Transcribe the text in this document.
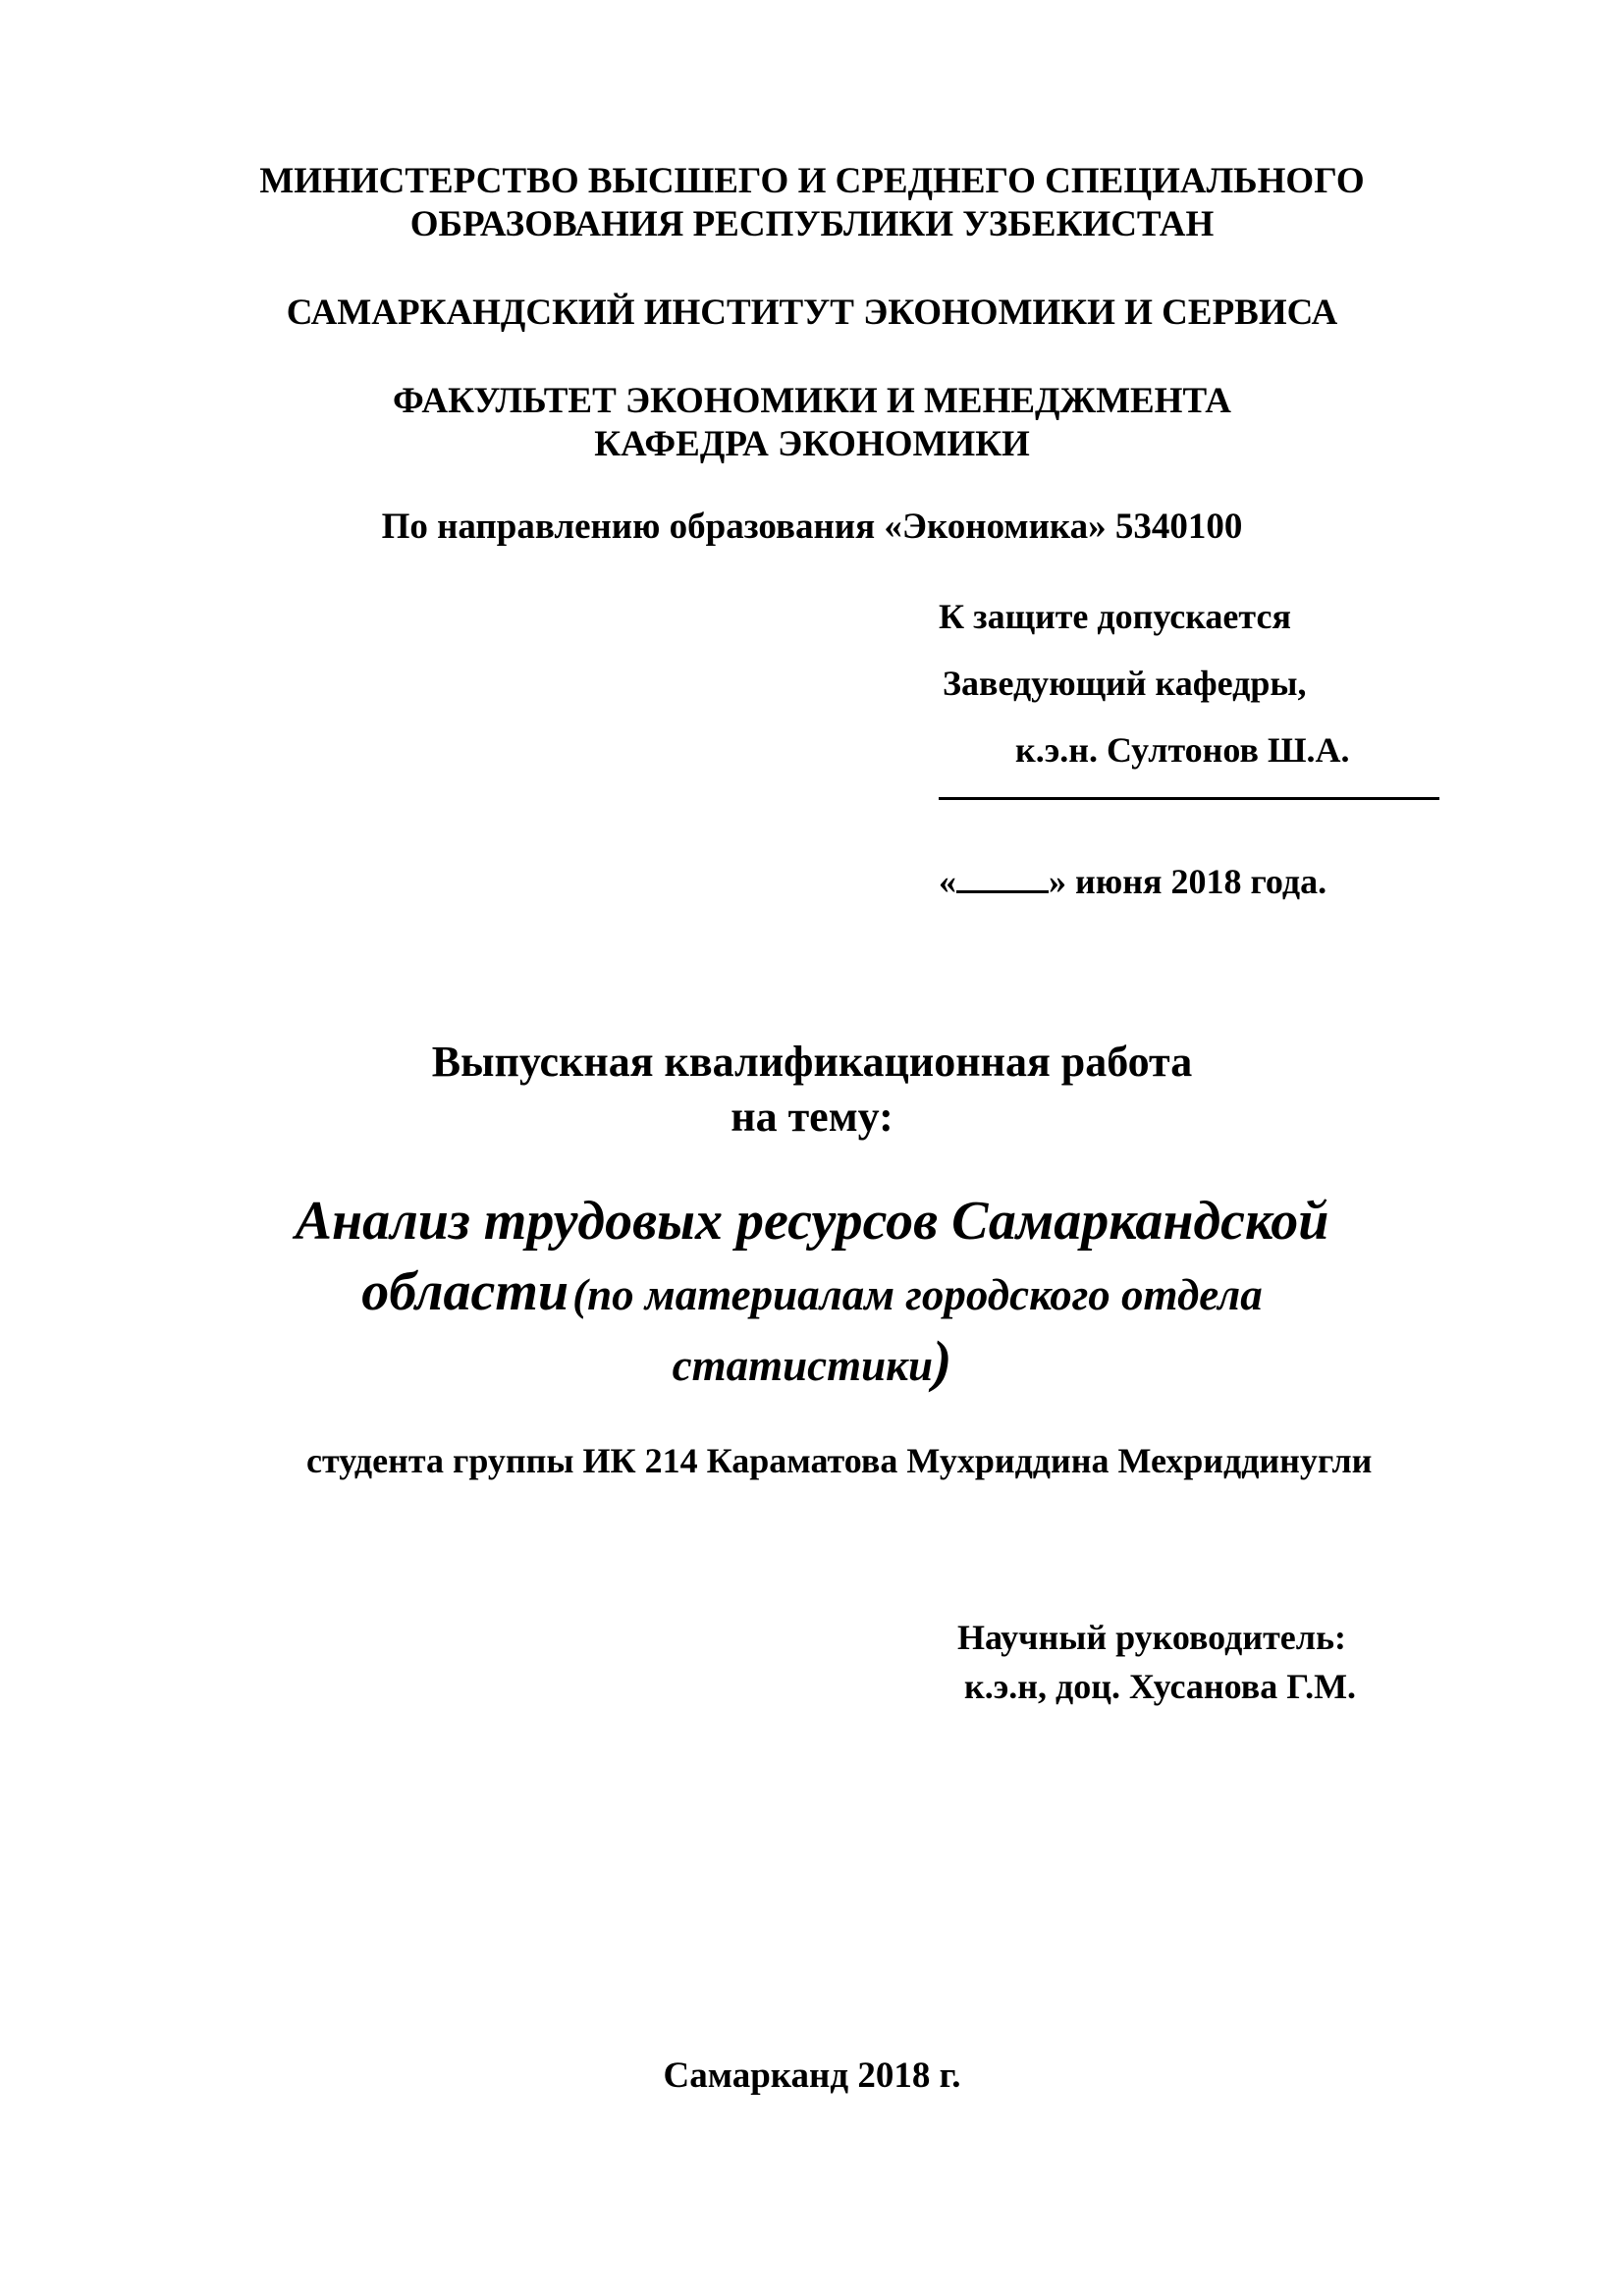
МИНИСТЕРСТВО ВЫСШЕГО И СРЕДНЕГО СПЕЦИАЛЬНОГО
ОБРАЗОВАНИЯ РЕСПУБЛИКИ УЗБЕКИСТАН
САМАРКАНДСКИЙ ИНСТИТУТ ЭКОНОМИКИ И СЕРВИСА
ФАКУЛЬТЕТ ЭКОНОМИКИ И МЕНЕДЖМЕНТА
КАФЕДРА ЭКОНОМИКИ
По направлению образования «Экономика» 5340100
К защите допускается
Заведующий кафедры,
к.э.н. Султонов Ш.А.
«	» июня 2018 года.
Выпускная квалификационная работа
на тему:
Анализ трудовых ресурсов Самаркандской
области (по материалам городского отдела
статистики)
студента группы ИК 214 Караматова Мухриддина Мехриддинугли
Научный руководитель:
к.э.н, доц. Хусанова Г.М.
Самарканд 2018 г.
